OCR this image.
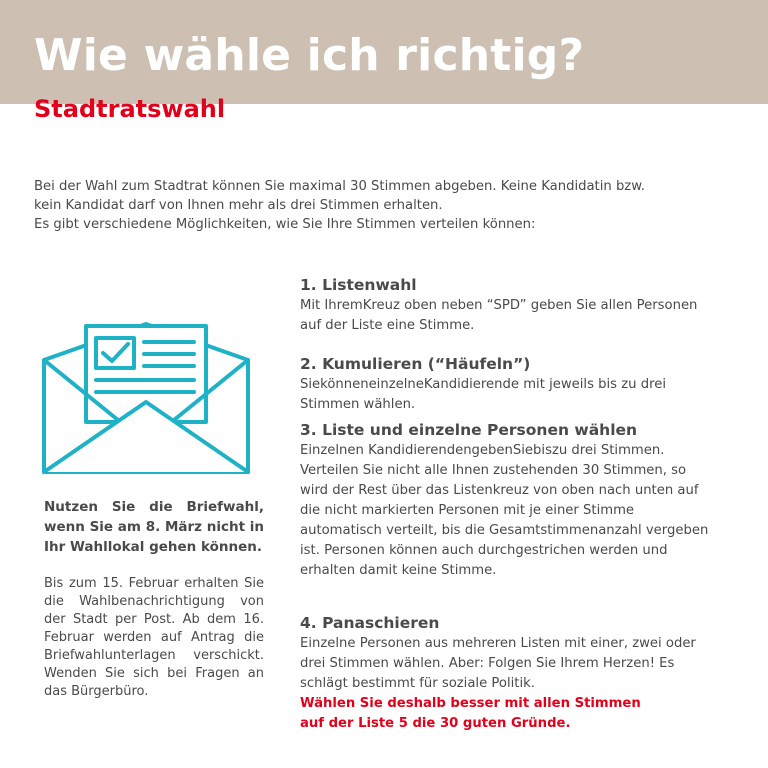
Wie wähle ich richtig?
Stadtratswahl
Bei der Wahl zum Stadtrat können Sie maximal 30 Stimmen abgeben. Keine Kandidatin bzw.
kein Kandidat darf von Ihnen mehr als drei Stimmen erhalten.
Es gibt verschiedene Möglichkeiten, wie Sie Ihre Stimmen verteilen können:
Nutzen Sie die Briefwahl, wenn Sie am 8. März nicht in Ihr Wahllokal gehen können.
Bis zum 15. Februar erhalten Sie die Wahlbenachrichtigung von der Stadt per Post. Ab dem 16. Februar werden auf Antrag die Briefwahlunterlagen verschickt. Wenden Sie sich bei Fragen an das Bürgerbüro.
1. Listenwahl
Mit IhremKreuz oben neben “SPD” geben Sie allen Personen
auf der Liste eine Stimme.
2. Kumulieren (“Häufeln”)
SiekönneneinzelneKandidierende mit jeweils bis zu drei
Stimmen wählen.
3. Liste und einzelne Personen wählen
Einzelnen KandidierendengebenSiebiszu drei Stimmen.
Verteilen Sie nicht alle Ihnen zustehenden 30 Stimmen, so
wird der Rest über das Listenkreuz von oben nach unten auf
die nicht markierten Personen mit je einer Stimme
automatisch verteilt, bis die Gesamtstimmenanzahl vergeben
ist. Personen können auch durchgestrichen werden und
erhalten damit keine Stimme.
4. Panaschieren
Einzelne Personen aus mehreren Listen mit einer, zwei oder
drei Stimmen wählen. Aber: Folgen Sie Ihrem Herzen! Es
schlägt bestimmt für soziale Politik.
Wählen Sie deshalb besser mit allen Stimmen
auf der Liste 5 die 30 guten Gründe.
